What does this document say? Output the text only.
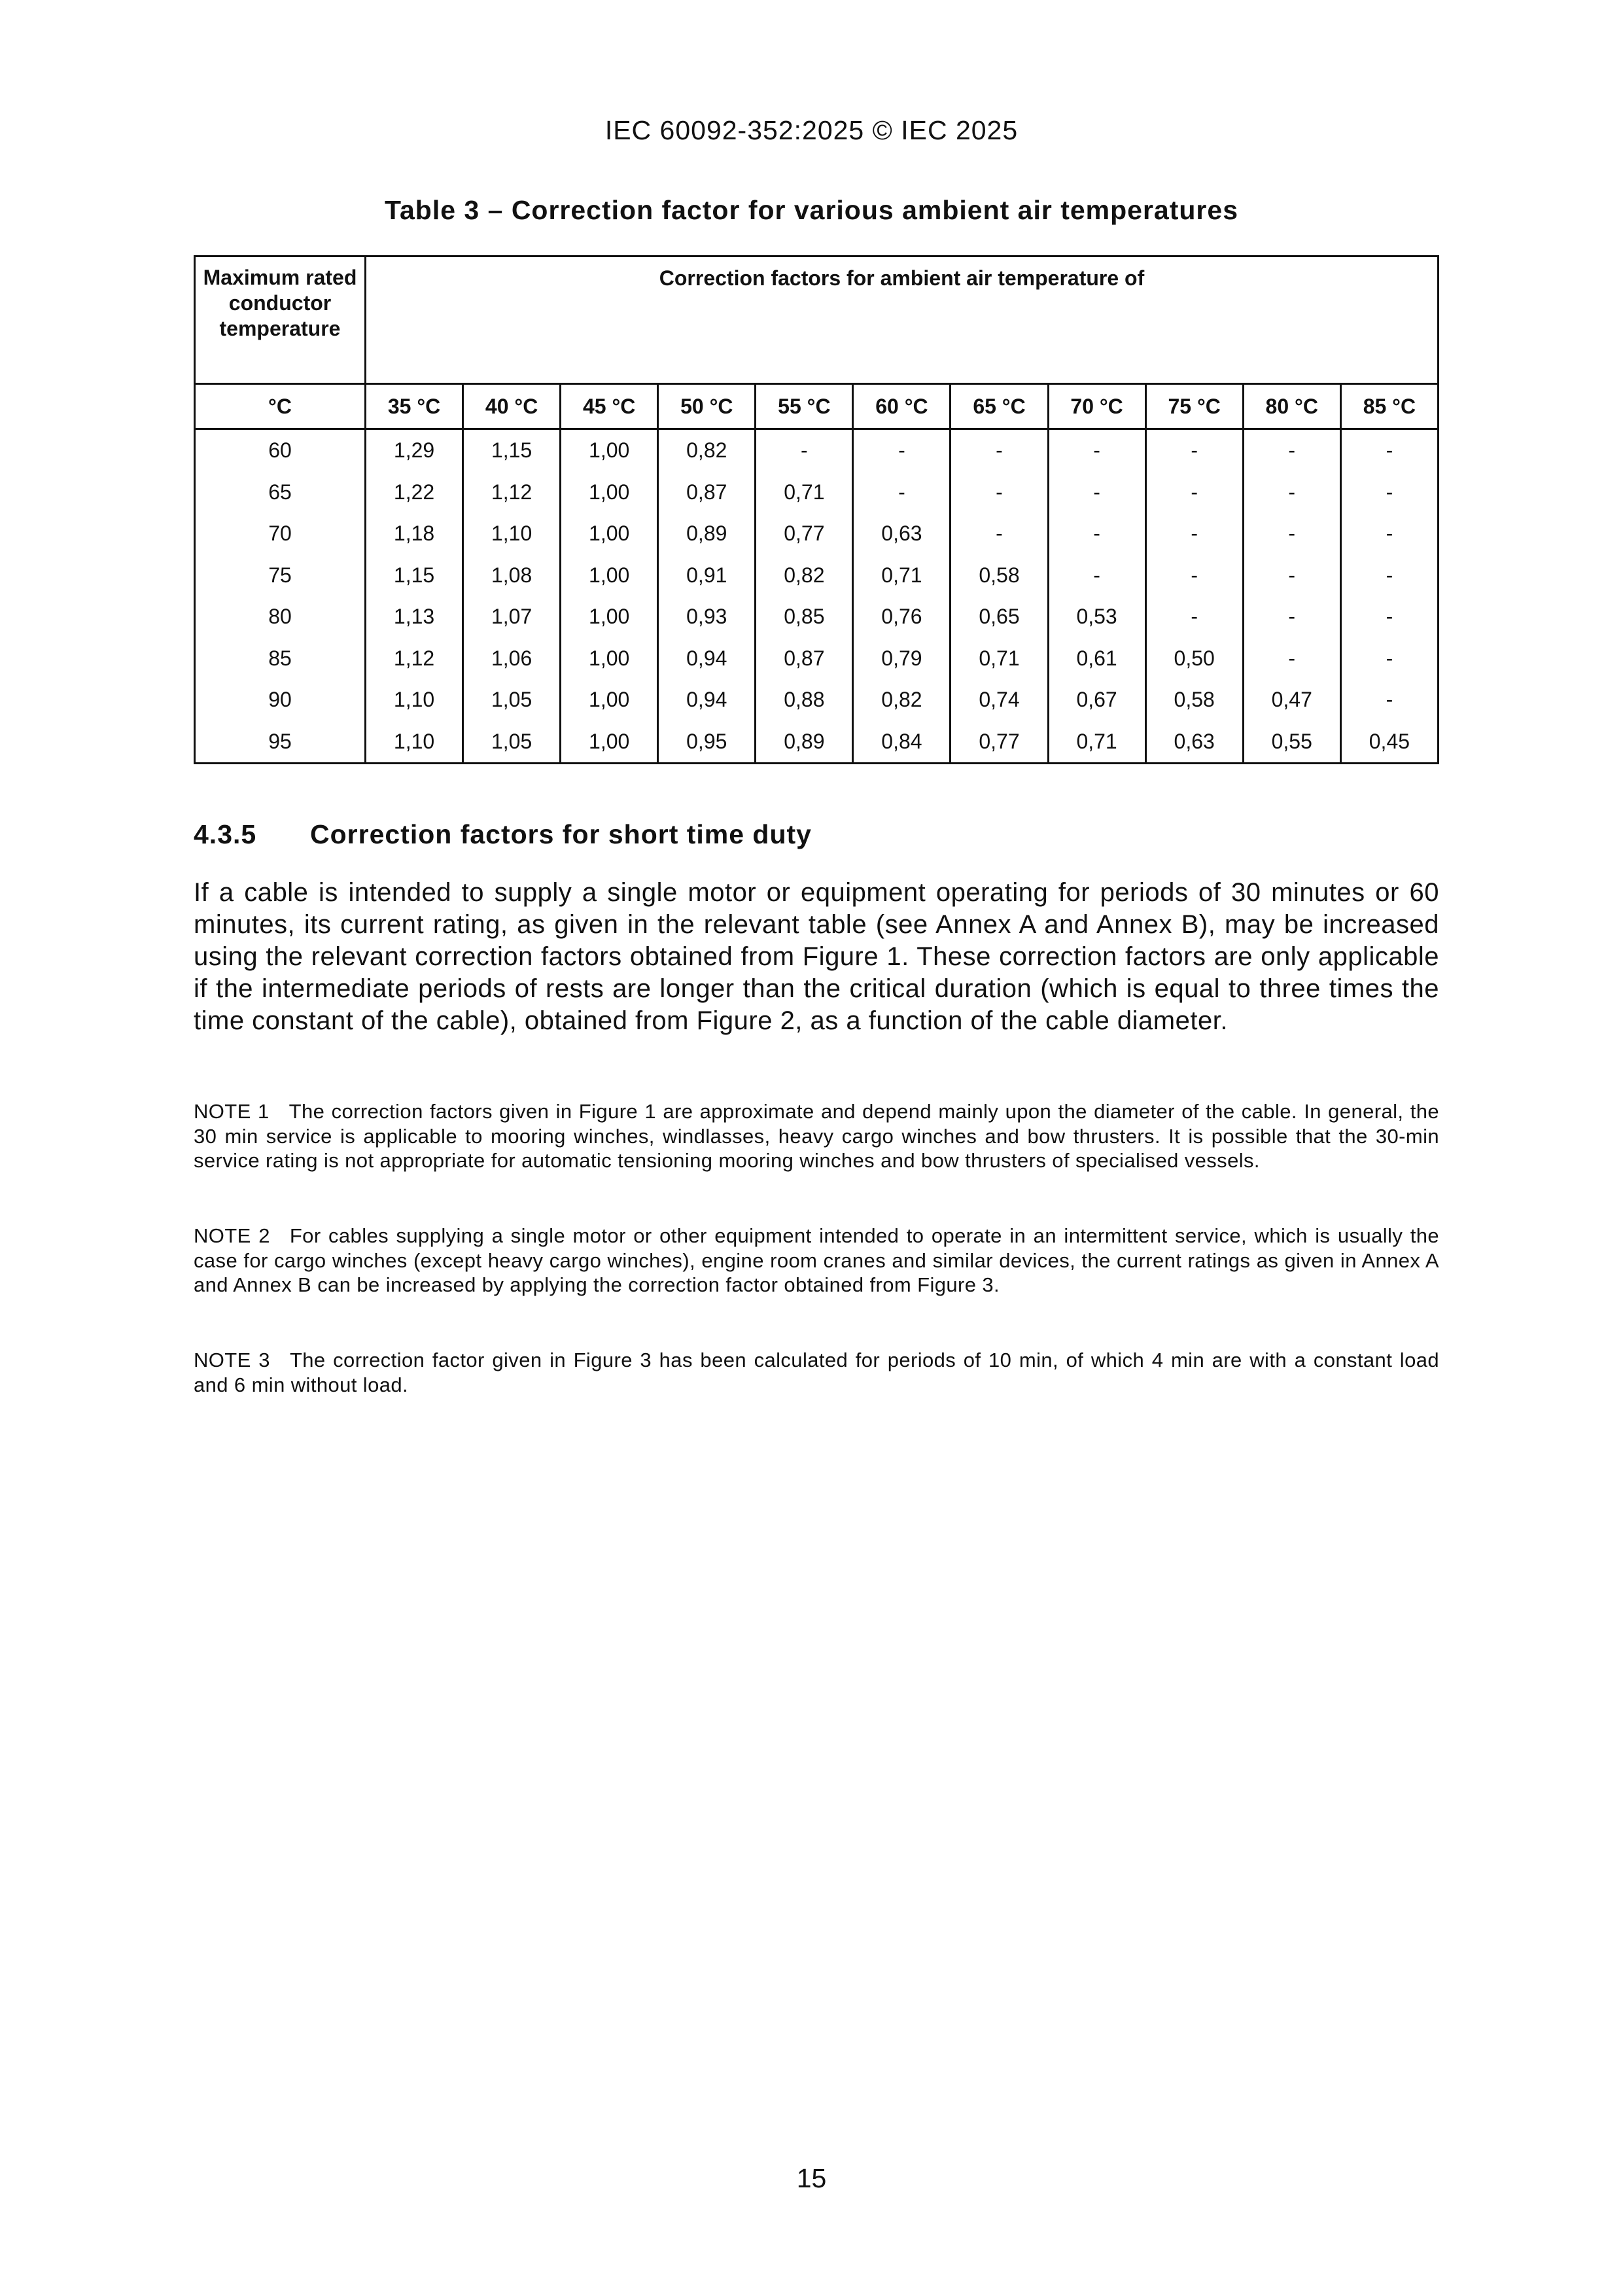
IEC 60092-352:2025 © IEC 2025
Table 3 – Correction factor for various ambient air temperatures
Maximum rated conductor temperature	Correction factors for ambient air temperature of										
°C	35 °C	40 °C	45 °C	50 °C	55 °C	60 °C	65 °C	70 °C	75 °C	80 °C	85 °C
60	1,29	1,15	1,00	0,82	-	-	-	-	-	-	-
65	1,22	1,12	1,00	0,87	0,71	-	-	-	-	-	-
70	1,18	1,10	1,00	0,89	0,77	0,63	-	-	-	-	-
75	1,15	1,08	1,00	0,91	0,82	0,71	0,58	-	-	-	-
80	1,13	1,07	1,00	0,93	0,85	0,76	0,65	0,53	-	-	-
85	1,12	1,06	1,00	0,94	0,87	0,79	0,71	0,61	0,50	-	-
90	1,10	1,05	1,00	0,94	0,88	0,82	0,74	0,67	0,58	0,47	-
95	1,10	1,05	1,00	0,95	0,89	0,84	0,77	0,71	0,63	0,55	0,45
4.3.5 Correction factors for short time duty
If a cable is intended to supply a single motor or equipment operating for periods of 30 minutes or 60 minutes, its current rating, as given in the relevant table (see Annex A and Annex B), may be increased using the relevant correction factors obtained from Figure 1. These correction factors are only applicable if the intermediate periods of rests are longer than the critical duration (which is equal to three times the time constant of the cable), obtained from Figure 2, as a function of the cable diameter.
NOTE 1 The correction factors given in Figure 1 are approximate and depend mainly upon the diameter of the cable. In general, the 30 min service is applicable to mooring winches, windlasses, heavy cargo winches and bow thrusters. It is possible that the 30-min service rating is not appropriate for automatic tensioning mooring winches and bow thrusters of specialised vessels.
NOTE 2 For cables supplying a single motor or other equipment intended to operate in an intermittent service, which is usually the case for cargo winches (except heavy cargo winches), engine room cranes and similar devices, the current ratings as given in Annex A and Annex B can be increased by applying the correction factor obtained from Figure 3.
NOTE 3 The correction factor given in Figure 3 has been calculated for periods of 10 min, of which 4 min are with a constant load and 6 min without load.
15
